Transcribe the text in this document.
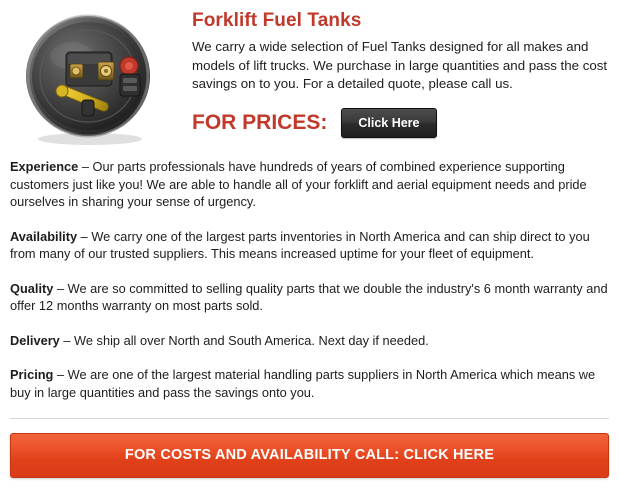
Forklift Fuel Tanks

We carry a wide selection of Fuel Tanks designed for all makes and models of lift trucks. We purchase in large quantities and pass the cost savings on to you. For a detailed quote, please call us.

FOR PRICES:	Click Here

Experience – Our parts professionals have hundreds of years of combined experience supporting customers just like you! We are able to handle all of your forklift and aerial equipment needs and pride ourselves in sharing your sense of urgency.

Availability – We carry one of the largest parts inventories in North America and can ship direct to you from many of our trusted suppliers. This means increased uptime for your fleet of equipment.

Quality – We are so committed to selling quality parts that we double the industry's 6 month warranty and offer 12 months warranty on most parts sold.

Delivery – We ship all over North and South America. Next day if needed.

Pricing – We are one of the largest material handling parts suppliers in North America which means we buy in large quantities and pass the savings onto you.

FOR COSTS AND AVAILABILITY CALL: CLICK HERE
